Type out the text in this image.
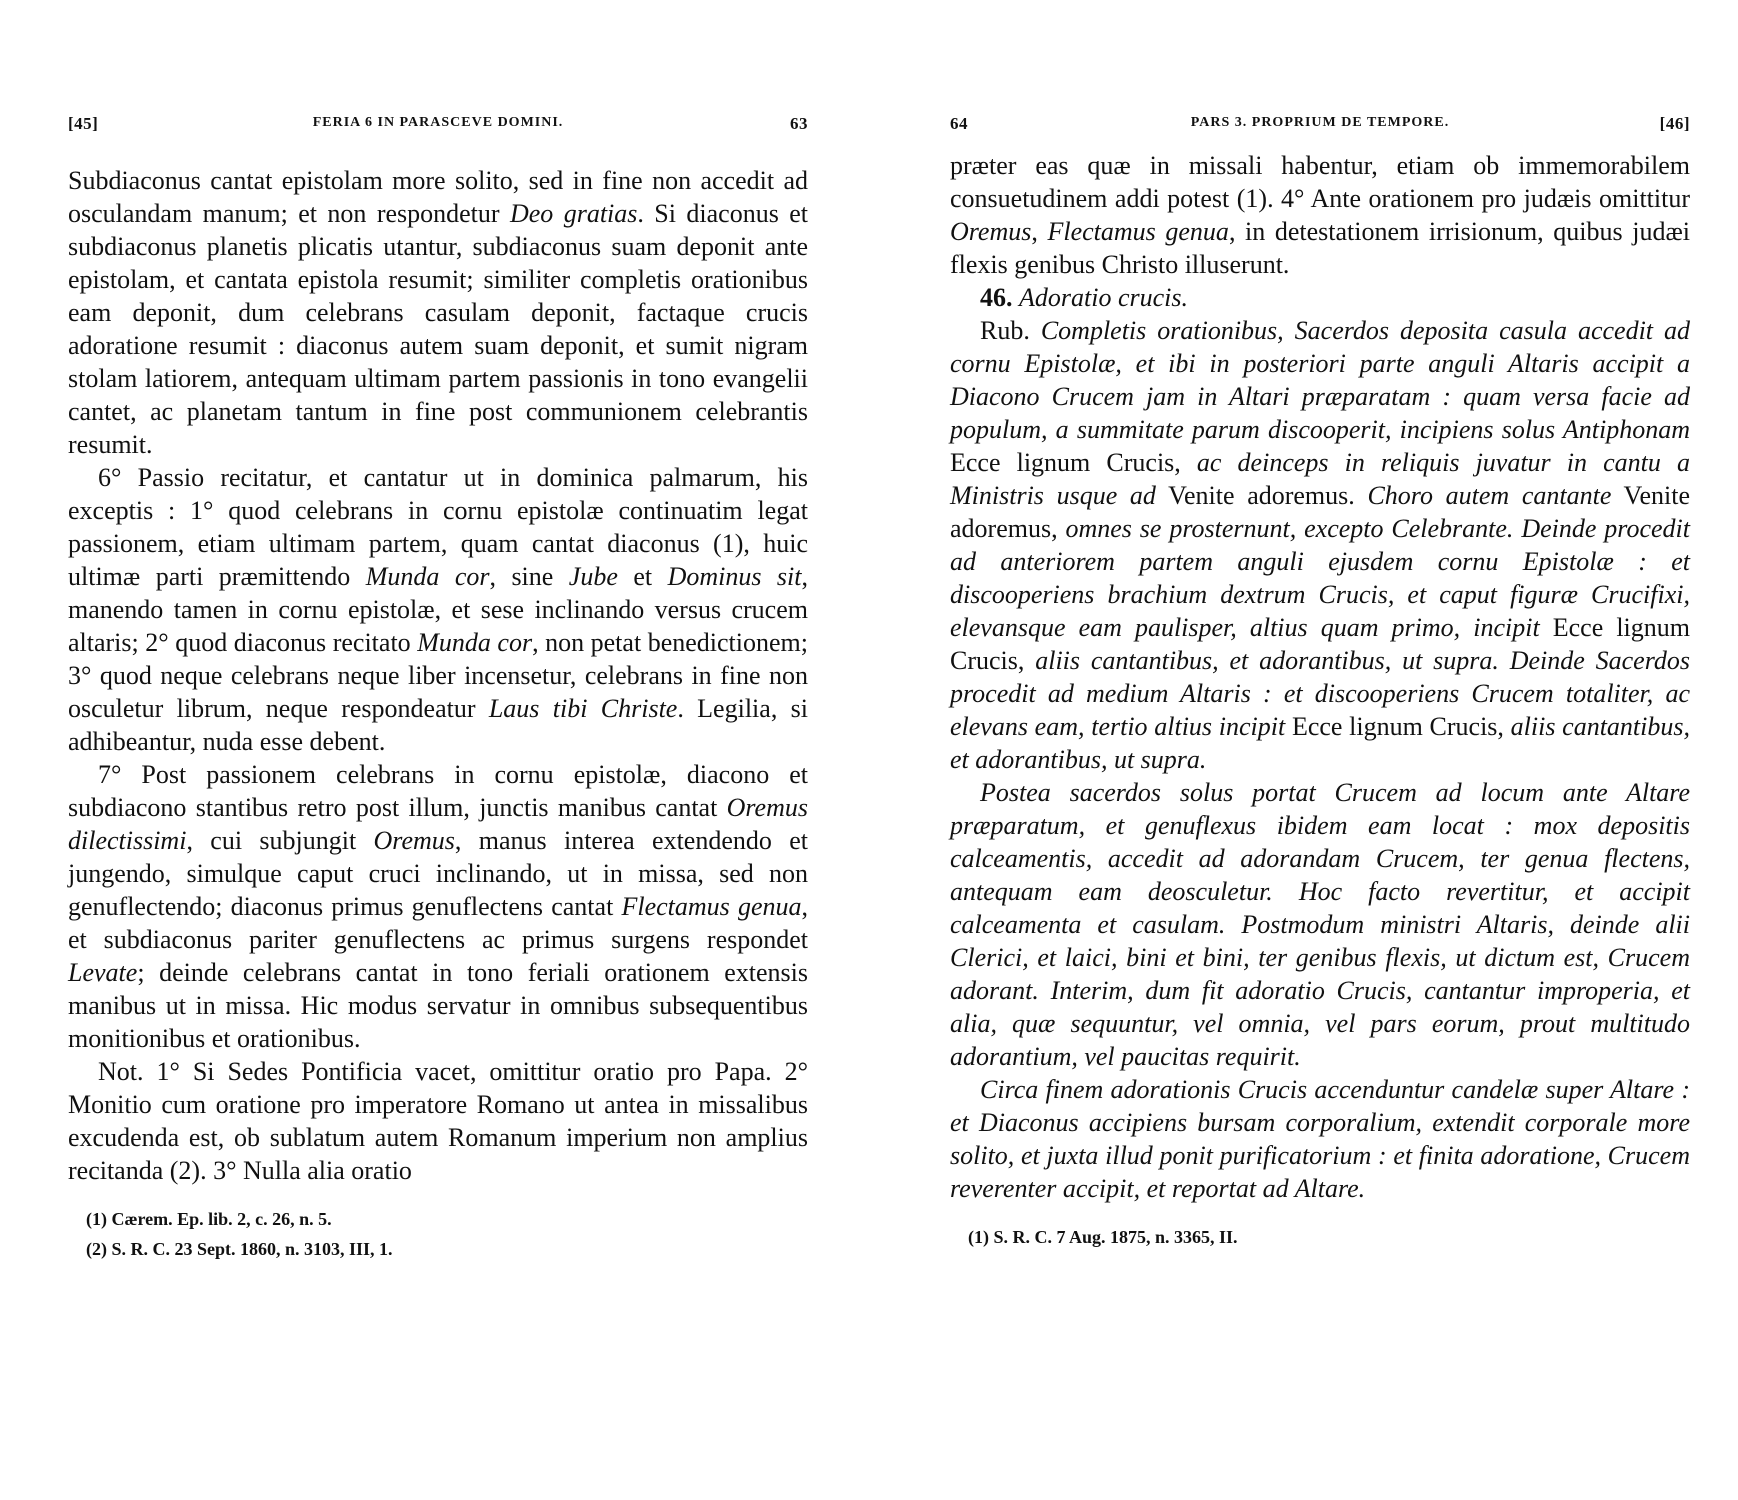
[45]	FERIA 6 IN PARASCEVE DOMINI.	63

Subdiaconus cantat epistolam more solito, sed in fine non accedit ad osculandam manum; et non respondetur Deo gratias. Si diaconus et subdiaconus planetis plicatis utantur, subdiaconus suam deponit ante epistolam, et cantata epistola resumit; similiter completis orationibus eam deponit, dum celebrans casulam deponit, factaque crucis adoratione resumit : diaconus autem suam deponit, et sumit nigram stolam latiorem, antequam ultimam partem passionis in tono evangelii cantet, ac planetam tantum in fine post communionem celebrantis resumit.

6° Passio recitatur, et cantatur ut in dominica palmarum, his exceptis : 1° quod celebrans in cornu epistolæ continuatim legat passionem, etiam ultimam partem, quam cantat diaconus (1), huic ultimæ parti præmittendo Munda cor, sine Jube et Dominus sit, manendo tamen in cornu epistolæ, et sese inclinando versus crucem altaris; 2° quod diaconus recitato Munda cor, non petat benedictionem; 3° quod neque celebrans neque liber incensetur, celebrans in fine non osculetur librum, neque respondeatur Laus tibi Christe. Legilia, si adhibeantur, nuda esse debent.

7° Post passionem celebrans in cornu epistolæ, diacono et subdiacono stantibus retro post illum, junctis manibus cantat Oremus dilectissimi, cui subjungit Oremus, manus interea extendendo et jungendo, simulque caput cruci inclinando, ut in missa, sed non genuflectendo; diaconus primus genuflectens cantat Flectamus genua, et subdiaconus pariter genuflectens ac primus surgens respondet Levate; deinde celebrans cantat in tono feriali orationem extensis manibus ut in missa. Hic modus servatur in omnibus subsequentibus monitionibus et orationibus.

Not. 1° Si Sedes Pontificia vacet, omittitur oratio pro Papa. 2° Monitio cum oratione pro imperatore Romano ut antea in missalibus excudenda est, ob sublatum autem Romanum imperium non amplius recitanda (2). 3° Nulla alia oratio

(1) Cærem. Ep. lib. 2, c. 26, n. 5.

(2) S. R. C. 23 Sept. 1860, n. 3103, III, 1.

64	PARS 3. PROPRIUM DE TEMPORE.	[46]

præter eas quæ in missali habentur, etiam ob immemorabilem consuetudinem addi potest (1). 4° Ante orationem pro judæis omittitur Oremus, Flectamus genua, in detestationem irrisionum, quibus judæi flexis genibus Christo illuserunt.

46. Adoratio crucis.

Rub. Completis orationibus, Sacerdos deposita casula accedit ad cornu Epistolæ, et ibi in posteriori parte anguli Altaris accipit a Diacono Crucem jam in Altari præparatam : quam versa facie ad populum, a summitate parum discooperit, incipiens solus Antiphonam Ecce lignum Crucis, ac deinceps in reliquis juvatur in cantu a Ministris usque ad Venite adoremus. Choro autem cantante Venite adoremus, omnes se prosternunt, excepto Celebrante. Deinde procedit ad anteriorem partem anguli ejusdem cornu Epistolæ : et discooperiens brachium dextrum Crucis, et caput figuræ Crucifixi, elevansque eam paulisper, altius quam primo, incipit Ecce lignum Crucis, aliis cantantibus, et adorantibus, ut supra. Deinde Sacerdos procedit ad medium Altaris : et discooperiens Crucem totaliter, ac elevans eam, tertio altius incipit Ecce lignum Crucis, aliis cantantibus, et adorantibus, ut supra.

Postea sacerdos solus portat Crucem ad locum ante Altare præparatum, et genuflexus ibidem eam locat : mox depositis calceamentis, accedit ad adorandam Crucem, ter genua flectens, antequam eam deosculetur. Hoc facto revertitur, et accipit calceamenta et casulam. Postmodum ministri Altaris, deinde alii Clerici, et laici, bini et bini, ter genibus flexis, ut dictum est, Crucem adorant. Interim, dum fit adoratio Crucis, cantantur improperia, et alia, quæ sequuntur, vel omnia, vel pars eorum, prout multitudo adorantium, vel paucitas requirit.

Circa finem adorationis Crucis accenduntur candelæ super Altare : et Diaconus accipiens bursam corporalium, extendit corporale more solito, et juxta illud ponit purificatorium : et finita adoratione, Crucem reverenter accipit, et reportat ad Altare.

(1) S. R. C. 7 Aug. 1875, n. 3365, II.
